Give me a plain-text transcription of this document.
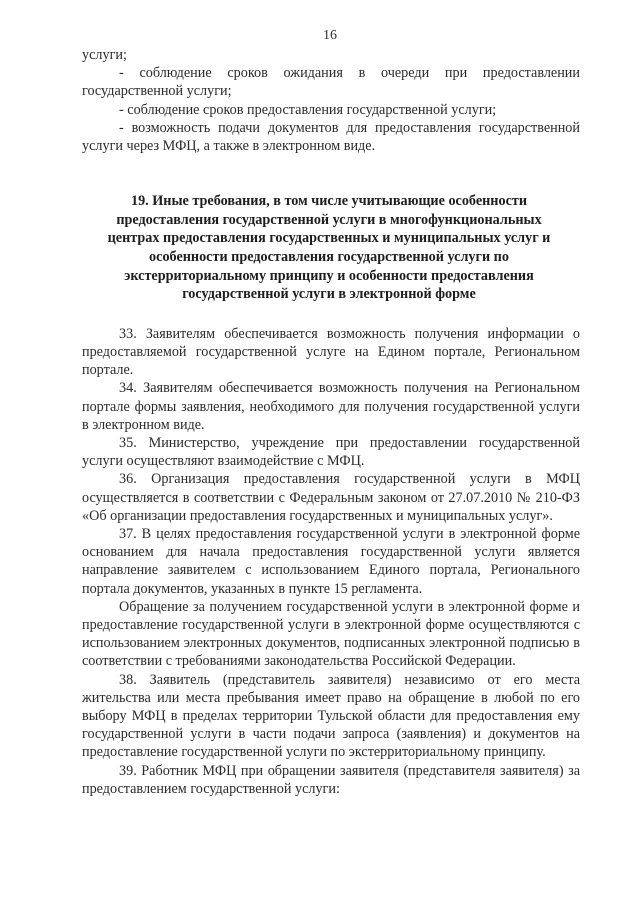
16

услуги;

- соблюдение сроков ожидания в очереди при предоставлении государственной услуги;

- соблюдение сроков предоставления государственной услуги;

- возможность подачи документов для предоставления государственной услуги через МФЦ, а также в электронном виде.

19. Иные требования, в том числе учитывающие особенности предоставления государственной услуги в многофункциональных центрах предоставления государственных и муниципальных услуг и особенности предоставления государственной услуги по экстерриториальному принципу и особенности предоставления государственной услуги в электронной форме

33. Заявителям обеспечивается возможность получения информации о предоставляемой государственной услуге на Едином портале, Региональном портале.

34. Заявителям обеспечивается возможность получения на Региональном портале формы заявления, необходимого для получения государственной услуги в электронном виде.

35. Министерство, учреждение при предоставлении государственной услуги осуществляют взаимодействие с МФЦ.

36. Организация предоставления государственной услуги в МФЦ осуществляется в соответствии с Федеральным законом от 27.07.2010 № 210-ФЗ «Об организации предоставления государственных и муниципальных услуг».

37. В целях предоставления государственной услуги в электронной форме основанием для начала предоставления государственной услуги является направление заявителем с использованием Единого портала, Регионального портала документов, указанных в пункте 15 регламента.

Обращение за получением государственной услуги в электронной форме и предоставление государственной услуги в электронной форме осуществляются с использованием электронных документов, подписанных электронной подписью в соответствии с требованиями законодательства Российской Федерации.

38. Заявитель (представитель заявителя) независимо от его места жительства или места пребывания имеет право на обращение в любой по его выбору МФЦ в пределах территории Тульской области для предоставления ему государственной услуги в части подачи запроса (заявления) и документов на предоставление государственной услуги по экстерриториальному принципу.

39. Работник МФЦ при обращении заявителя (представителя заявителя) за предоставлением государственной услуги:
